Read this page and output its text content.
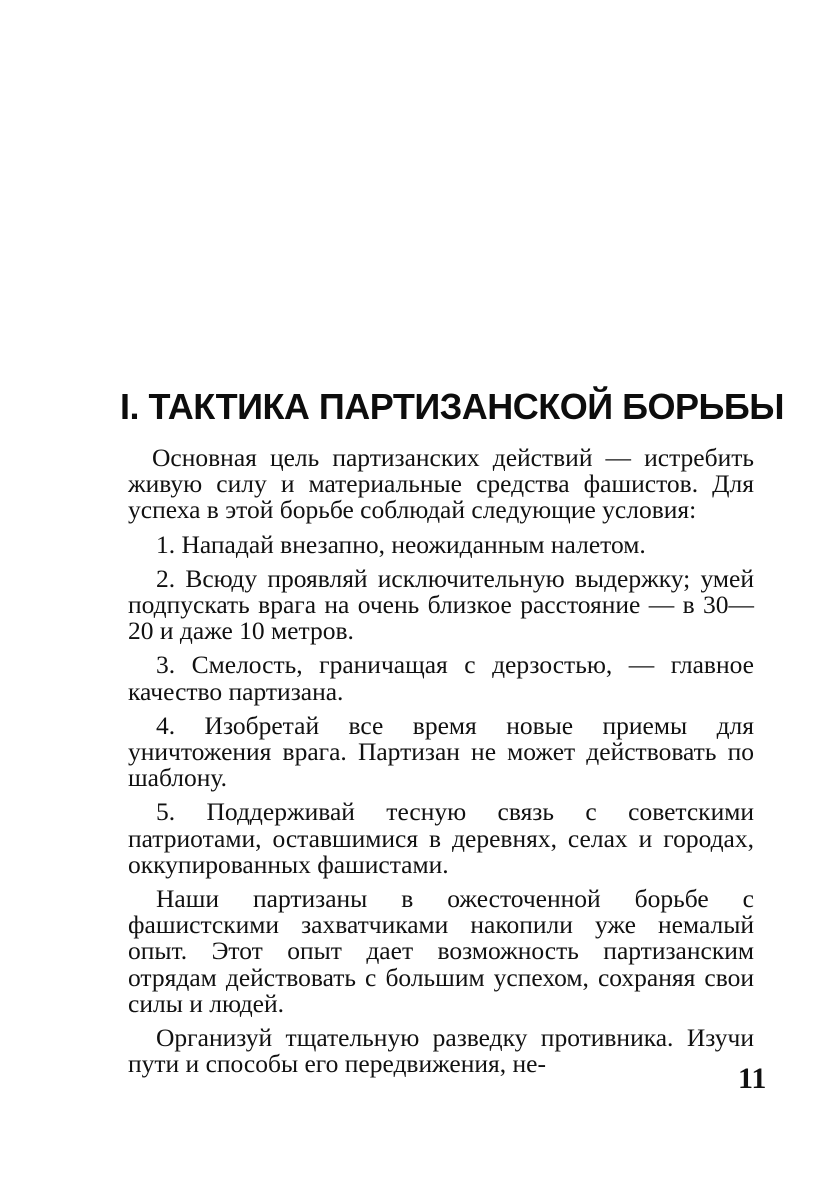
I. ТАКТИКА ПАРТИЗАНСКОЙ БОРЬБЫ

Основная цель партизанских действий — истребить живую силу и материальные средства фашистов. Для успеха в этой борьбе соблюдай следующие условия:

1. Нападай внезапно, неожиданным налетом.

2. Всюду проявляй исключительную выдержку; умей подпускать врага на очень близкое расстояние — в 30—20 и даже 10 метров.

3. Смелость, граничащая с дерзостью, — главное качество партизана.

4. Изобретай все время новые приемы для уничтожения врага. Партизан не может действовать по шаблону.

5. Поддерживай тесную связь с советскими патриотами, оставшимися в деревнях, селах и городах, оккупированных фашистами.

Наши партизаны в ожесточенной борьбе с фашистскими захватчиками накопили уже немалый опыт. Этот опыт дает возможность партизанским отрядам действовать с большим успехом, сохраняя свои силы и людей.

Организуй тщательную разведку противника. Изучи пути и способы его передвижения, не-	11
